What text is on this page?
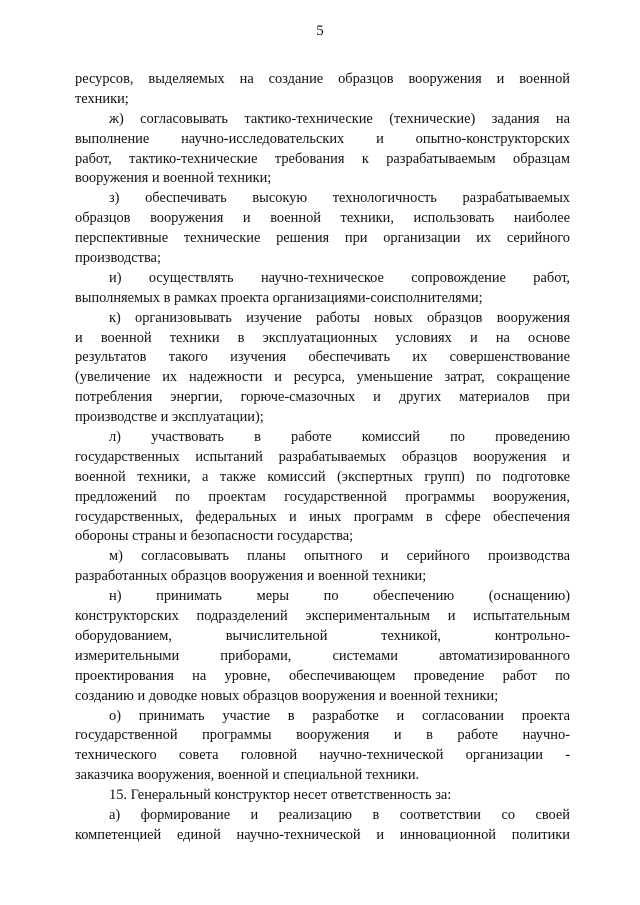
5
ресурсов, выделяемых на создание образцов вооружения и военной
техники;
ж) согласовывать тактико-технические (технические) задания на
выполнение научно-исследовательских и опытно-конструкторских
работ, тактико-технические требования к разрабатываемым образцам
вооружения и военной техники;
з) обеспечивать высокую технологичность разрабатываемых
образцов вооружения и военной техники, использовать наиболее
перспективные технические решения при организации их серийного
производства;
и) осуществлять научно-техническое сопровождение работ,
выполняемых в рамках проекта организациями-соисполнителями;
к) организовывать изучение работы новых образцов вооружения
и военной техники в эксплуатационных условиях и на основе
результатов такого изучения обеспечивать их совершенствование
(увеличение их надежности и ресурса, уменьшение затрат, сокращение
потребления энергии, горюче-смазочных и других материалов при
производстве и эксплуатации);
л) участвовать в работе комиссий по проведению
государственных испытаний разрабатываемых образцов вооружения и
военной техники, а также комиссий (экспертных групп) по подготовке
предложений по проектам государственной программы вооружения,
государственных, федеральных и иных программ в сфере обеспечения
обороны страны и безопасности государства;
м) согласовывать планы опытного и серийного производства
разработанных образцов вооружения и военной техники;
н) принимать меры по обеспечению (оснащению)
конструкторских подразделений экспериментальным и испытательным
оборудованием, вычислительной техникой, контрольно-
измерительными приборами, системами автоматизированного
проектирования на уровне, обеспечивающем проведение работ по
созданию и доводке новых образцов вооружения и военной техники;
о) принимать участие в разработке и согласовании проекта
государственной программы вооружения и в работе научно-
технического совета головной научно-технической организации -
заказчика вооружения, военной и специальной техники.
15. Генеральный конструктор несет ответственность за:
а) формирование и реализацию в соответствии со своей
компетенцией единой научно-технической и инновационной политики
